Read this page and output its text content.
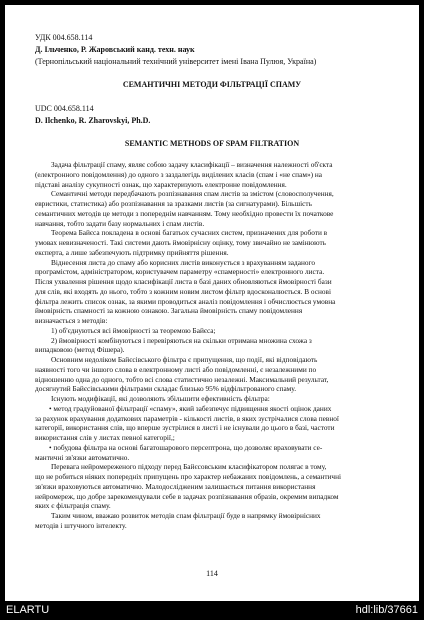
УДК 004.658.114

Д. Ільченко, Р. Жаровський канд. техн. наук

(Тернопільський національний технічний університет імені Івана Пулюя, Україна)

СЕМАНТИЧНІ МЕТОДИ ФІЛЬТРАЦІЇ СПАМУ

UDC 004.658.114

D. Ilchenko, R. Zharovskyi, Ph.D.

SEMANTIC METHODS OF SPAM FILTRATION

Задача фільтрації спаму, являє собою задачу класифікації – визначення належності об'єкта

(електронного повідомлення) до одного з заздалегідь виділених класів (спам і «не спам») на

підставі аналізу сукупності ознак, що характеризують електронне повідомлення.

Семантичні методи передбачають розпізнавання спам листів за змістом (словосполучення,

евристики, статистика) або розпізнавання за зразками листів (за сигнатурами). Більшість

семантичних методів це методи з попереднім навчанням. Тому необхідно провести їх початкове

навчання, тобто задати базу нормальних і спам листів.

Теорема Байєса покладена в основі багатьох сучасних систем, призначених для роботи в

умовах невизначеності. Такі системи дають ймовірнісну оцінку, тому звичайно не замінюють

експерта, а лише забезпечують підтримку прийняття рішення.

Віднесення листа до спаму або корисних листів виконується з врахуванням заданого

програмістом, адміністратором, користувачем параметру «спамерності» електронного листа.

Після ухвалення рішення щодо класифікації листа в базі даних обновляються ймовірності бази

для слів, які входять до нього, тобто з кожним новим листом фільтр вдосконалюється. В основі

фільтра лежить список ознак, за якими проводиться аналіз повідомлення і обчислюється умовна

ймовірність спамності за кожною ознакою. Загальна ймовірність спаму повідомлення

визначається з методів:

1) об'єднуються всі ймовірності за теоремою Байєса;

2) ймовірності комбінуються і перевіряються на скільки отримана множина схожа з

випадковою (метод Фішера).

Основним недоліком Байєсівського фільтра є припущення, що події, які відповідають

наявності того чи іншого слова в електронному листі або повідомленні, є незалежними по

відношенню одна до одного, тобто всі слова статистично незалежні. Максимальний результат,

досягнутий Байєсівськими фільтрами складає близько 95% відфільтрованого спаму.

Існують модифікації, які дозволяють збільшити ефективність фільтра:

• метод градуйованої фільтрації «спаму», який забезпечує підвищення якості оцінок даних

за рахунок врахування додаткових параметрів - кількості листів, в яких зустрічалися слова певної

категорії, використання слів, що вперше зустрілися в листі і не існували до цього в базі, частоти

використання слів у листах певної категорії,;

• побудова фільтра на основі багатошарового персептрона, що дозволяє враховувати се-

мантичні зв'язки автоматично.

Перевага нейромереженого підходу перед Байєсовським класифікатором полягає в тому,

що не робиться ніяких попередніх припущень про характер небажаних повідомлень, а семантичні

зв'язки враховуються автоматично. Малодослідженим залишається питання використання

нейромереж, що добре зарекомендували себе в задачах розпізнавання образів, окремим випадком

яких є фільтрація спаму.

Таким чином, вважаю розвиток методів спам фільтрації буде в напрямку ймовірнісних

методів і штучного інтелекту.

114
ELARTU	hdl:lib/37661
